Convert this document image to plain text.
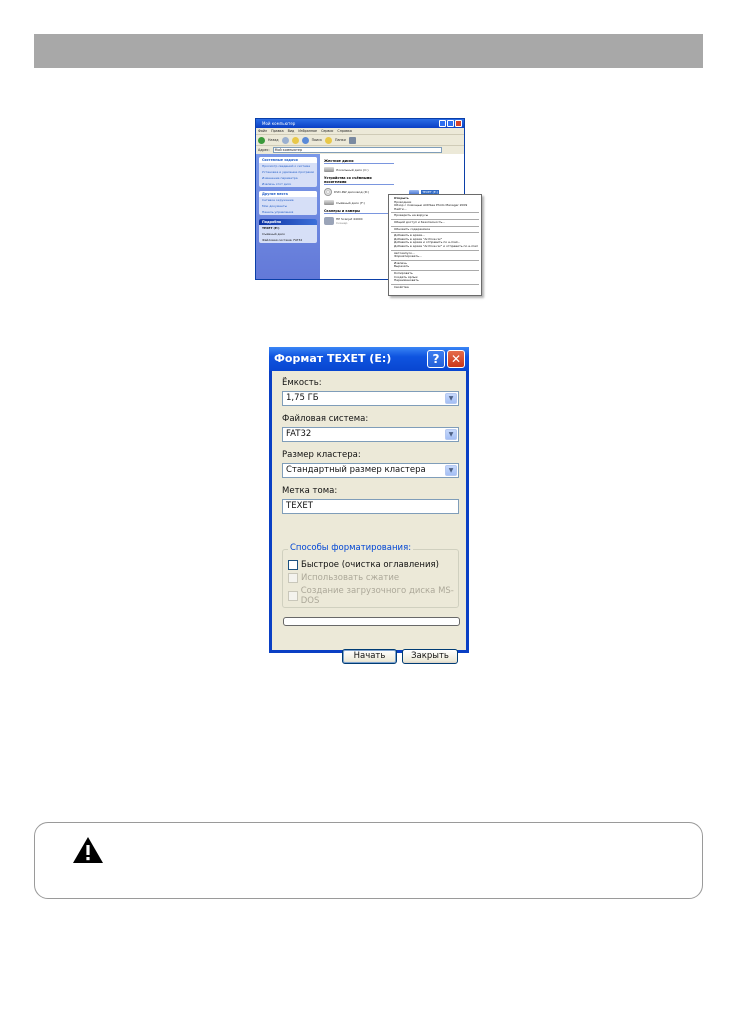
Мой компьютер
Файл Правка Вид Избранное Сервис Справка
Назад	Поиск	Папки
Адрес:	Мой компьютер
Системные задачи
Просмотр сведений о системе
Установка и удаление программ
Изменение параметра
Извлечь этот диск
Другие места
Сетевое окружение
Мои документы
Панель управления
Подробно
TEXET (E:)
Съёмный диск
Файловая система: FAT32
Жесткие диски
Локальный диск (C:)
Устройства со съёмными носителями
DVD-RW дисковод (D:)	TEXET (E:)
Съёмный диск (F:)
Сканеры и камеры
HP Scanjet 4400C
Сканер
Открыть
Проводник
Обзор с помощью ACDSee Photo Manager 2009
Найти...
Проверить на вирусы
Общий доступ и безопасность...
Обновить содержимое
Добавить в архив...
Добавить в архив "Archive.rar"
Добавить в архив и отправить по e-mail...
Добавить в архив "Archive.rar" и отправить по e-mail
Автозапуск...
Форматировать...
Извлечь
Вырезать
Копировать
Создать ярлык
Переименовать
Свойства
Формат TEXET (E:)	? ✕
Ёмкость:
1,75 ГБ	▼
Файловая система:
FAT32	▼
Размер кластера:
Стандартный размер кластера	▼
Метка тома:
TEXET
Способы форматирования:
Быстрое (очистка оглавления)
Использовать сжатие
Создание загрузочного диска MS-DOS
Начать	Закрыть
